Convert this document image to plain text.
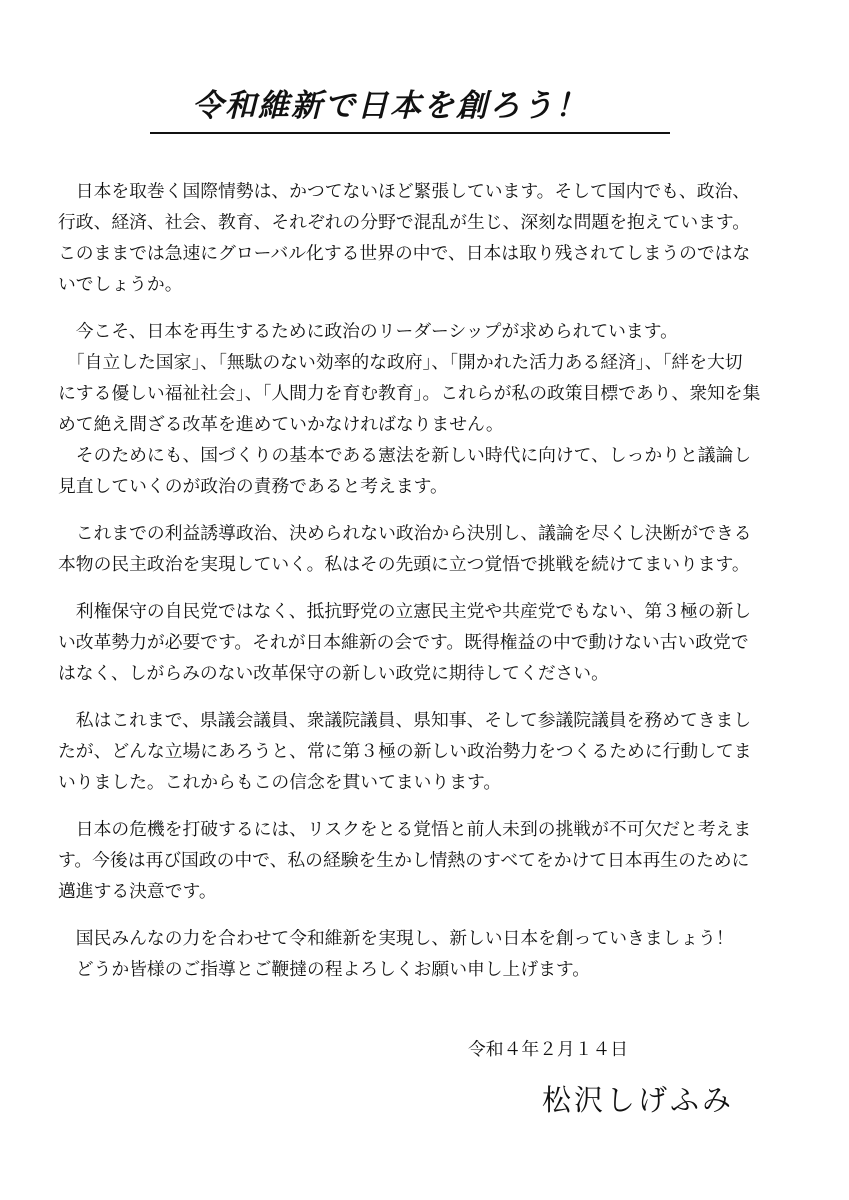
令和維新で日本を創ろう！
　日本を取巻く国際情勢は、かつてないほど緊張しています。そして国内でも、政治、
行政、経済、社会、教育、それぞれの分野で混乱が生じ、深刻な問題を抱えています。
このままでは急速にグローバル化する世界の中で、日本は取り残されてしまうのではな
いでしょうか。
　今こそ、日本を再生するために政治のリーダーシップが求められています。
　「自立した国家」、「無駄のない効率的な政府」、「開かれた活力ある経済」、「絆を大切
にする優しい福祉社会」、「人間力を育む教育」。これらが私の政策目標であり、衆知を集
めて絶え間ざる改革を進めていかなければなりません。
　そのためにも、国づくりの基本である憲法を新しい時代に向けて、しっかりと議論し
見直していくのが政治の責務であると考えます。
　これまでの利益誘導政治、決められない政治から決別し、議論を尽くし決断ができる
本物の民主政治を実現していく。私はその先頭に立つ覚悟で挑戦を続けてまいります。
　利権保守の自民党ではなく、抵抗野党の立憲民主党や共産党でもない、第３極の新し
い改革勢力が必要です。それが日本維新の会です。既得権益の中で動けない古い政党で
はなく、しがらみのない改革保守の新しい政党に期待してください。
　私はこれまで、県議会議員、衆議院議員、県知事、そして参議院議員を務めてきまし
たが、どんな立場にあろうと、常に第３極の新しい政治勢力をつくるために行動してま
いりました。これからもこの信念を貫いてまいります。
　日本の危機を打破するには、リスクをとる覚悟と前人未到の挑戦が不可欠だと考えま
す。今後は再び国政の中で、私の経験を生かし情熱のすべてをかけて日本再生のために
邁進する決意です。
　国民みんなの力を合わせて令和維新を実現し、新しい日本を創っていきましょう！
　どうか皆様のご指導とご鞭撻の程よろしくお願い申し上げます。
令和４年２月１４日
松沢しげふみ
